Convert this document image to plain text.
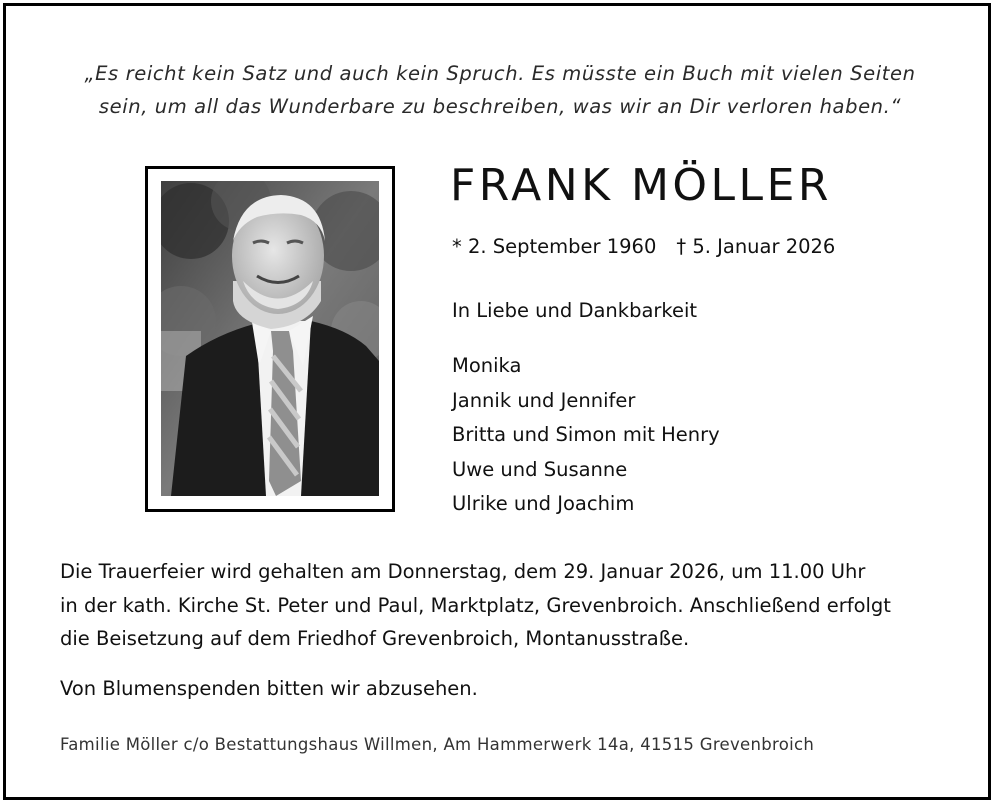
„Es reicht kein Satz und auch kein Spruch. Es müsste ein Buch mit vielen Seiten
sein, um all das Wunderbare zu beschreiben, was wir an Dir verloren haben.“
FRANK MÖLLER
* 2. September 1960 † 5. Januar 2026
In Liebe und Dankbarkeit
Monika
Jannik und Jennifer
Britta und Simon mit Henry
Uwe und Susanne
Ulrike und Joachim
Die Trauerfeier wird gehalten am Donnerstag, dem 29. Januar 2026, um 11.00 Uhr
in der kath. Kirche St. Peter und Paul, Marktplatz, Grevenbroich. Anschließend erfolgt
die Beisetzung auf dem Friedhof Grevenbroich, Montanusstraße.
Von Blumenspenden bitten wir abzusehen.
Familie Möller c/o Bestattungshaus Willmen, Am Hammerwerk 14a, 41515 Grevenbroich
